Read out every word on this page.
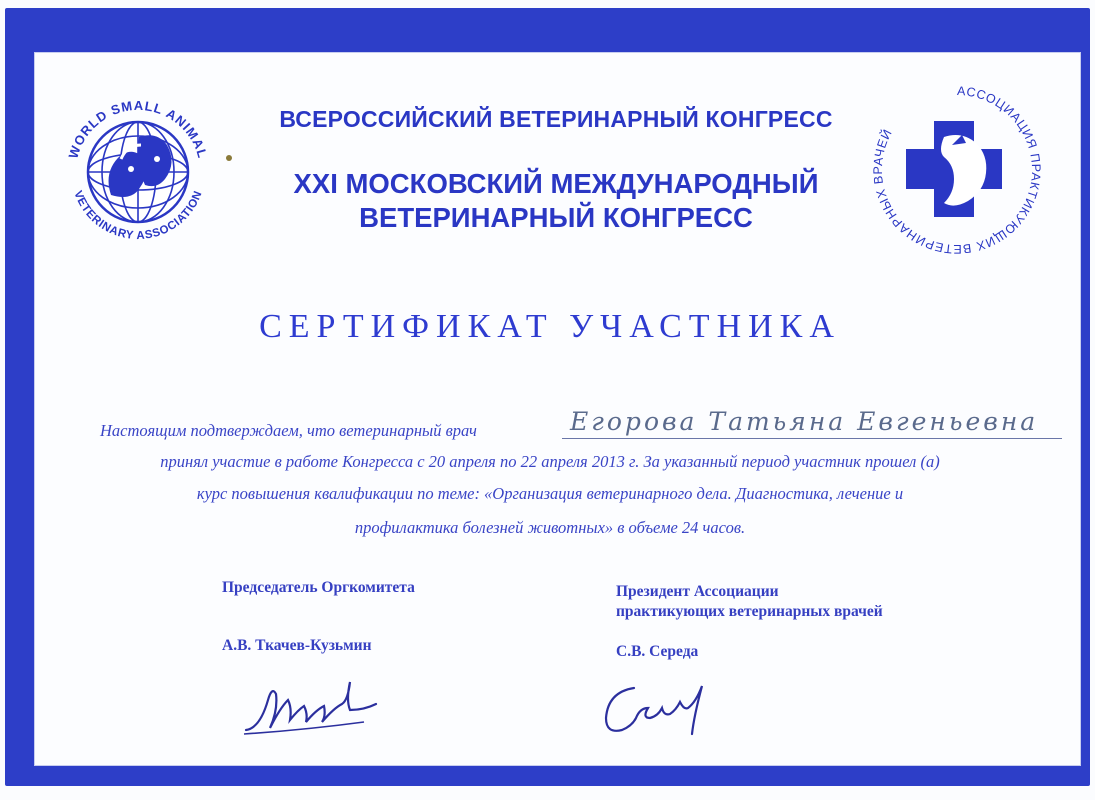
WORLD SMALL ANIMAL
VETERINARY ASSOCIATION
ВСЕРОССИЙСКИЙ ВЕТЕРИНАРНЫЙ КОНГРЕСС
XXI МОСКОВСКИЙ МЕЖДУНАРОДНЫЙ
ВЕТЕРИНАРНЫЙ КОНГРЕСС
АССОЦИАЦИЯ ПРАКТИКУЮЩИХ ВЕТЕРИНАРНЫХ ВРАЧЕЙ
СЕРТИФИКАТ УЧАСТНИКА
Настоящим подтверждаем, что ветеринарный врач	Егорова Татьяна Евгеньевна
принял участие в работе Конгресса с 20 апреля по 22 апреля 2013 г. За указанный период участник прошел (а)
курс повышения квалификации по теме: «Организация ветеринарного дела. Диагностика, лечение и
профилактика болезней животных» в объеме 24 часов.
Председатель Оргкомитета
А.В. Ткачев-Кузьмин
Президент Ассоциации
практикующих ветеринарных врачей
С.В. Середа
